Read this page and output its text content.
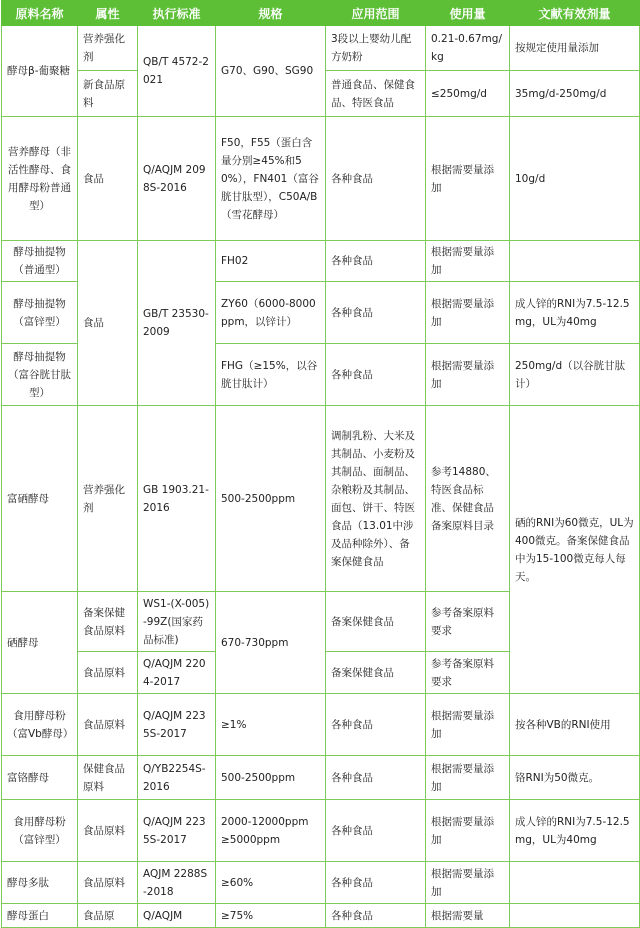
原料名称	属性	执行标准	规格	应用范围	使用量	文献有效剂量
酵母β-葡聚糖	营养强化剂	QB/T 4572-2021	G70、G90、SG90	3段以上婴幼儿配方奶粉	0.21-0.67mg/kg	按规定使用量添加
	新食品原料			普通食品、保健食品、特医食品	≤250mg/d	35mg/d-250mg/d
营养酵母（非活性酵母、食用酵母粉普通型）	食品	Q/AQJM 2098S-2016	F50，F55（蛋白含量分别≥45%和50%），FN401（富谷胱甘肽型），C50A/B（雪花酵母）	各种食品	根据需要量添加	10g/d
酵母抽提物（普通型）	食品	GB/T 23530-2009	FH02	各种食品	根据需要量添加	
酵母抽提物（富锌型）			ZY60（6000-8000ppm，以锌计）	各种食品	根据需要量添加	成人锌的RNI为7.5-12.5mg，UL为40mg
酵母抽提物（富谷胱甘肽型）			FHG（≥15%，以谷胱甘肽计）	各种食品	根据需要量添加	250mg/d（以谷胱甘肽计）
富硒酵母	营养强化剂	GB 1903.21-2016	500-2500ppm	调制乳粉、大米及其制品、小麦粉及其制品、面制品、杂粮粉及其制品、面包、饼干、特医食品（13.01中涉及品种除外）、备案保健食品	参考14880、特医食品标准、保健食品备案原料目录	硒的RNI为60微克，UL为400微克。备案保健食品中为15-100微克每人每天。
硒酵母	备案保健食品原料	WS1-(X-005)-99Z(国家药品标准)	670-730ppm	备案保健食品	参考备案原料要求	
	食品原料	Q/AQJM 2204-2017		备案保健食品	参考备案原料要求	
食用酵母粉（富Vb酵母）	食品原料	Q/AQJM 2235S-2017	≥1%	各种食品	根据需要量添加	按各种VB的RNI使用
富铬酵母	保健食品原料	Q/YB2254S-2016	500-2500ppm	各种食品	根据需要量添加	铬RNI为50微克。
食用酵母粉（富锌型）	食品原料	Q/AQJM 2235S-2017	2000-12000ppm ≥5000ppm	各种食品	根据需要量添加	成人锌的RNI为7.5-12.5mg，UL为40mg
酵母多肽	食品原料	AQJM 2288S-2018	≥60%	各种食品	根据需要量添加	
酵母蛋白	食品原	Q/AQJM	≥75%	各种食品	根据需要量	
